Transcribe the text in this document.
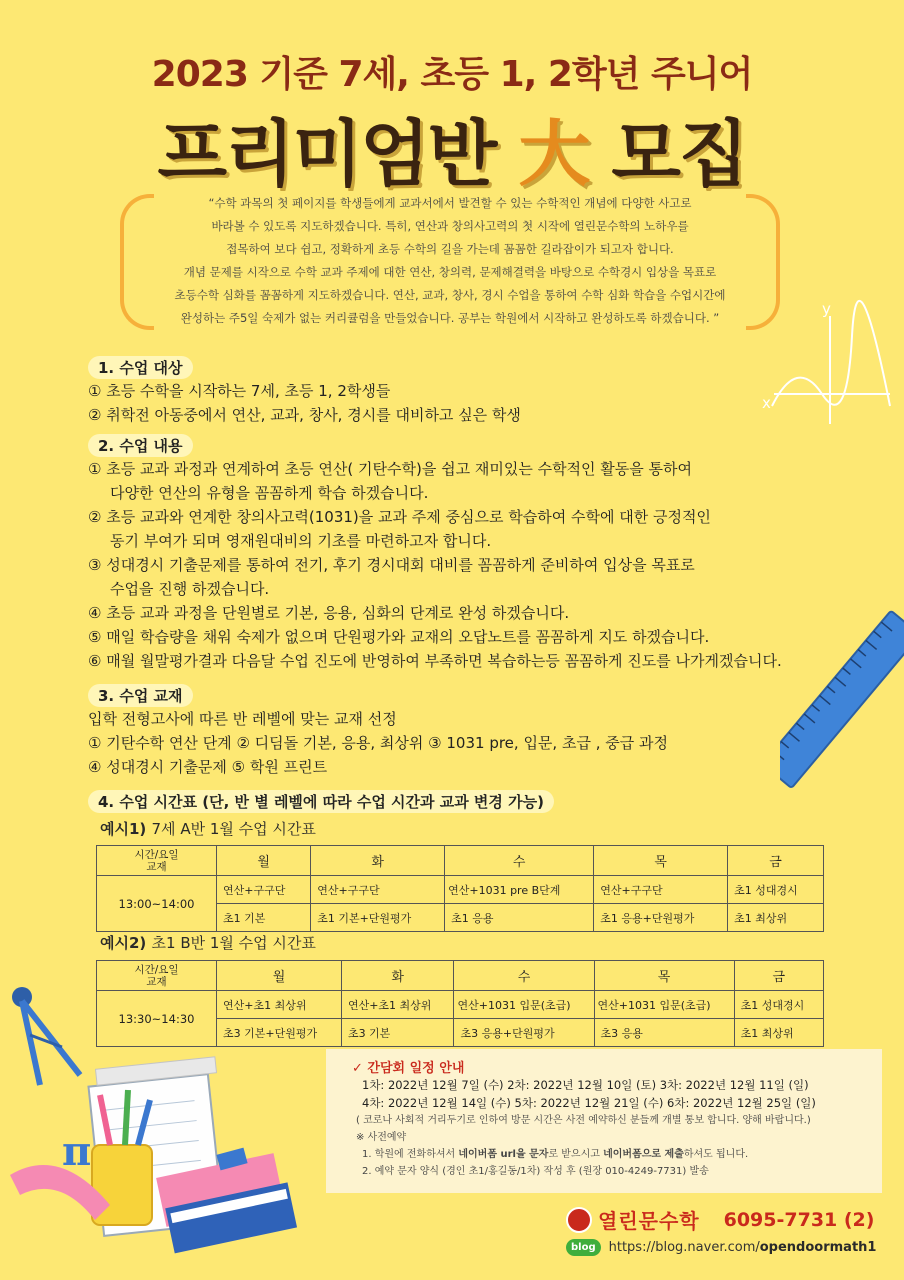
2023 기준 7세, 초등 1, 2학년 주니어
프리미엄반 大 모집
“수학 과목의 첫 페이지를 학생들에게 교과서에서 발견할 수 있는 수학적인 개념에 다양한 사고로
바라볼 수 있도록 지도하겠습니다. 특히, 연산과 창의사고력의 첫 시작에 열린문수학의 노하우를
접목하여 보다 쉽고, 정확하게 초등 수학의 길을 가는데 꼼꼼한 길라잡이가 되고자 합니다.
개념 문제를 시작으로 수학 교과 주제에 대한 연산, 창의력, 문제해결력을 바탕으로 수학경시 입상을 목표로
초등수학 심화를 꼼꼼하게 지도하겠습니다. 연산, 교과, 창사, 경시 수업을 통하여 수학 심화 학습을 수업시간에
완성하는 주5일 숙제가 없는 커리큘럼을 만들었습니다. 공부는 학원에서 시작하고 완성하도록 하겠습니다. ”	y
x
1. 수업 대상
① 초등 수학을 시작하는 7세, 초등 1, 2학생들
② 취학전 아동중에서 연산, 교과, 창사, 경시를 대비하고 싶은 학생
2. 수업 내용
① 초등 교과 과정과 연계하여 초등 연산( 기탄수학)을 쉽고 재미있는 수학적인 활동을 통하여
다양한 연산의 유형을 꼼꼼하게 학습 하겠습니다.
② 초등 교과와 연계한 창의사고력(1031)을 교과 주제 중심으로 학습하여 수학에 대한 긍정적인
동기 부여가 되며 영재원대비의 기초를 마련하고자 합니다.
③ 성대경시 기출문제를 통하여 전기, 후기 경시대회 대비를 꼼꼼하게 준비하여 입상을 목표로
수업을 진행 하겠습니다.
④ 초등 교과 과정을 단원별로 기본, 응용, 심화의 단계로 완성 하겠습니다.
⑤ 매일 학습량을 채워 숙제가 없으며 단원평가와 교재의 오답노트를 꼼꼼하게 지도 하겠습니다.
⑥ 매월 월말평가결과 다음달 수업 진도에 반영하여 부족하면 복습하는등 꼼꼼하게 진도를 나가게겠습니다.
3. 수업 교재
입학 전형고사에 따른 반 레벨에 맞는 교재 선정
① 기탄수학 연산 단계 ② 디딤돌 기본, 응용, 최상위 ③ 1031 pre, 입문, 초급 , 중급 과정
④ 성대경시 기출문제 ⑤ 학원 프린트
4. 수업 시간표 (단, 반 별 레벨에 따라 수업 시간과 교과 변경 가능)
예시1) 7세 A반 1월 수업 시간표
시간/요일
교재	월	화	수	목	금
13:00~14:00	연산+구구단	연산+구구단	연산+1031 pre B단계	연산+구구단	초1 성대경시
	초1 기본	초1 기본+단원평가	초1 응용	초1 응용+단원평가	초1 최상위
예시2) 초1 B반 1월 수업 시간표
시간/요일
교재	월	화	수	목	금
13:30~14:30	연산+초1 최상위	연산+초1 최상위	연산+1031 입문(초급)	연산+1031 입문(초급)	초1 성대경시
	초3 기본+단원평가	초3 기본	초3 응용+단원평가	초3 응용	초1 최상위
π
✓ 간담회 일정 안내
1차: 2022년 12월 7일 (수) 2차: 2022년 12월 10일 (토) 3차: 2022년 12월 11일 (일)
4차: 2022년 12월 14일 (수) 5차: 2022년 12월 21일 (수) 6차: 2022년 12월 25일 (일)
( 코로나 사회적 거리두기로 인하여 방문 시간은 사전 예약하신 분들께 개별 통보 합니다. 양해 바랍니다.)
※ 사전예약
1. 학원에 전화하셔서 네이버폼 url을 문자로 받으시고 네이버폼으로 제출하셔도 됩니다.
2. 예약 문자 양식 (경인 초1/홍길동/1차) 작성 후 (원장 010-4249-7731) 발송
열린문수학 6095-7731 (2)
blog	https://blog.naver.com/opendoormath1
